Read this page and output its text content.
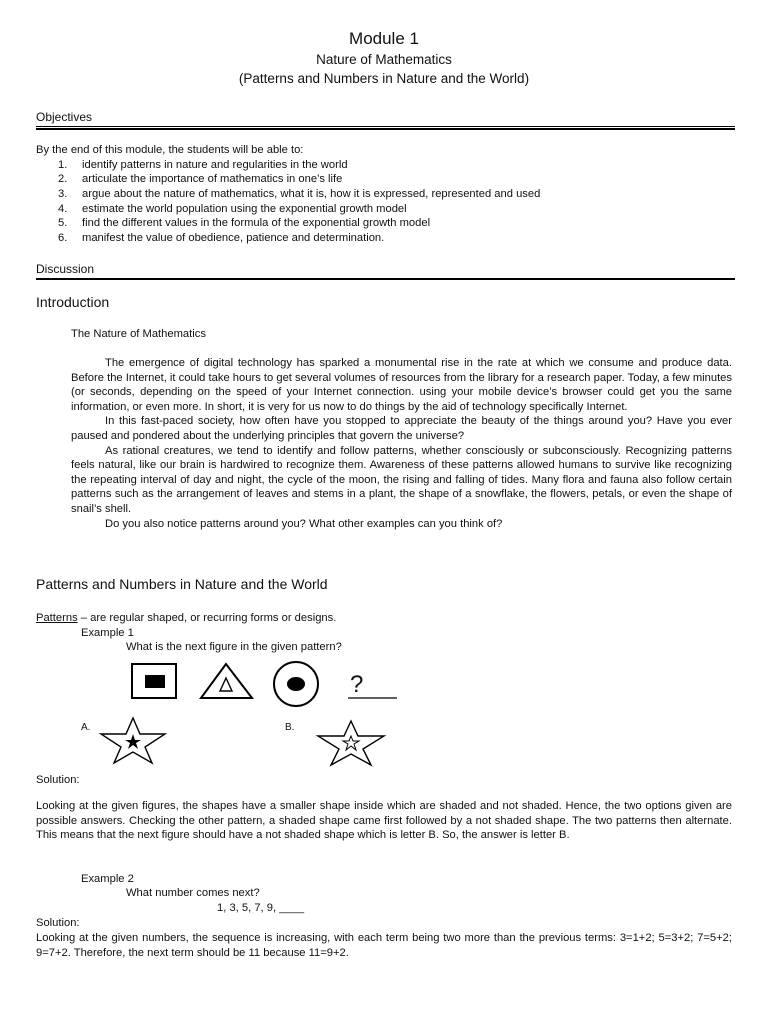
Module 1
Nature of Mathematics
(Patterns and Numbers in Nature and the World)
Objectives
By the end of this module, the students will be able to:
1.	identify patterns in nature and regularities in the world
2.	articulate the importance of mathematics in one’s life
3.	argue about the nature of mathematics, what it is, how it is expressed, represented and used
4.	estimate the world population using the exponential growth model
5.	find the different values in the formula of the exponential growth model
6.	manifest the value of obedience, patience and determination.
Discussion
Introduction
The Nature of Mathematics

The emergence of digital technology has sparked a monumental rise in the rate at which we consume and produce data. Before the Internet, it could take hours to get several volumes of resources from the library for a research paper. Today, a few minutes (or seconds, depending on the speed of your Internet connection. using your mobile device’s browser could get you the same information, or even more. In short, it is very for us now to do things by the aid of technology specifically Internet.

In this fast-paced society, how often have you stopped to appreciate the beauty of the things around you? Have you ever paused and pondered about the underlying principles that govern the universe?

As rational creatures, we tend to identify and follow patterns, whether consciously or subconsciously. Recognizing patterns feels natural, like our brain is hardwired to recognize them. Awareness of these patterns allowed humans to survive like recognizing the repeating interval of day and night, the cycle of the moon, the rising and falling of tides. Many flora and fauna also follow certain patterns such as the arrangement of leaves and stems in a plant, the shape of a snowflake, the flowers, petals, or even the shape of snail’s shell.

Do you also notice patterns around you? What other examples can you think of?

Patterns and Numbers in Nature and the World
Patterns – are regular shaped, or recurring forms or designs.
Example 1
What is the next figure in the given pattern?
?
A.	B.
Solution:
Looking at the given figures, the shapes have a smaller shape inside which are shaded and not shaded. Hence, the two options given are possible answers. Checking the other pattern, a shaded shape came first followed by a not shaded shape. The two patterns then alternate. This means that the next figure should have a not shaded shape which is letter B. So, the answer is letter B.
Example 2
What number comes next?
1, 3, 5, 7, 9, ____
Solution:
Looking at the given numbers, the sequence is increasing, with each term being two more than the previous terms: 3=1+2; 5=3+2; 7=5+2; 9=7+2. Therefore, the next term should be 11 because 11=9+2.
